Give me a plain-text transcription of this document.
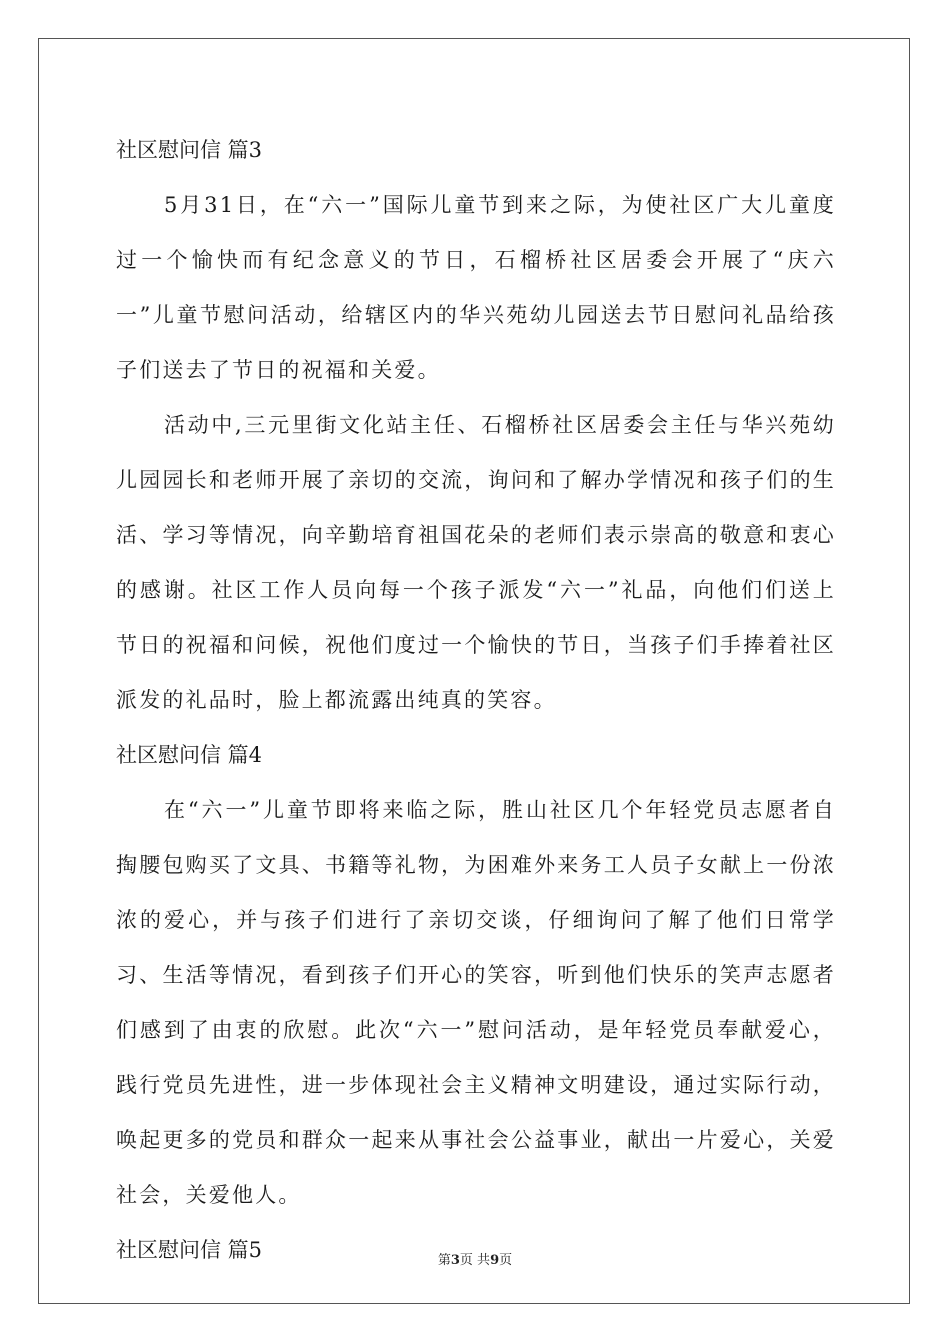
社区慰问信 篇3

5月31日，在“六一”国际儿童节到来之际，为使社区广大儿童度过一个愉快而有纪念意义的节日，石榴桥社区居委会开展了“庆六一”儿童节慰问活动，给辖区内的华兴苑幼儿园送去节日慰问礼品给孩子们送去了节日的祝福和关爱。

活动中,三元里街文化站主任、石榴桥社区居委会主任与华兴苑幼儿园园长和老师开展了亲切的交流，询问和了解办学情况和孩子们的生活、学习等情况，向辛勤培育祖国花朵的老师们表示崇高的敬意和衷心的感谢。社区工作人员向每一个孩子派发“六一”礼品，向他们们送上节日的祝福和问候，祝他们度过一个愉快的节日，当孩子们手捧着社区派发的礼品时，脸上都流露出纯真的笑容。

社区慰问信 篇4

在“六一”儿童节即将来临之际，胜山社区几个年轻党员志愿者自掏腰包购买了文具、书籍等礼物，为困难外来务工人员子女献上一份浓浓的爱心，并与孩子们进行了亲切交谈，仔细询问了解了他们日常学习、生活等情况，看到孩子们开心的笑容，听到他们快乐的笑声志愿者们感到了由衷的欣慰。此次“六一”慰问活动，是年轻党员奉献爱心，践行党员先进性，进一步体现社会主义精神文明建设，通过实际行动，唤起更多的党员和群众一起来从事社会公益事业，献出一片爱心，关爱社会，关爱他人。

社区慰问信 篇5	第3页 共9页
